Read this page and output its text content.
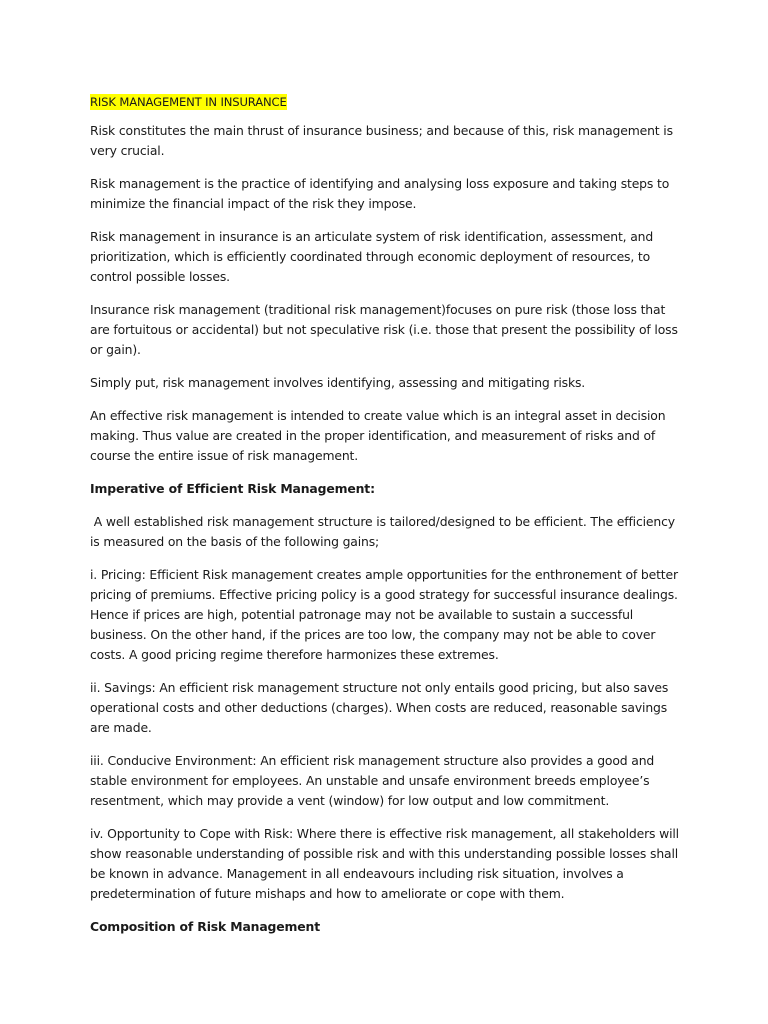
RISK MANAGEMENT IN INSURANCE

Risk constitutes the main thrust of insurance business; and because of this, risk management is very crucial.

Risk management is the practice of identifying and analysing loss exposure and taking steps to minimize the financial impact of the risk they impose.

Risk management in insurance is an articulate system of risk identification, assessment, and prioritization, which is efficiently coordinated through economic deployment of resources, to control possible losses.

Insurance risk management (traditional risk management)focuses on pure risk (those loss that are fortuitous or accidental) but not speculative risk (i.e. those that present the possibility of loss or gain).

Simply put, risk management involves identifying, assessing and mitigating risks.

An effective risk management is intended to create value which is an integral asset in decision making. Thus value are created in the proper identification, and measurement of risks and of course the entire issue of risk management.

Imperative of Efficient Risk Management:

A well established risk management structure is tailored/designed to be efficient. The efficiency is measured on the basis of the following gains;

i. Pricing: Efficient Risk management creates ample opportunities for the enthronement of better pricing of premiums. Effective pricing policy is a good strategy for successful insurance dealings. Hence if prices are high, potential patronage may not be available to sustain a successful business. On the other hand, if the prices are too low, the company may not be able to cover costs. A good pricing regime therefore harmonizes these extremes.

ii. Savings: An efficient risk management structure not only entails good pricing, but also saves operational costs and other deductions (charges). When costs are reduced, reasonable savings are made.

iii. Conducive Environment: An efficient risk management structure also provides a good and stable environment for employees. An unstable and unsafe environment breeds employee’s resentment, which may provide a vent (window) for low output and low commitment.

iv. Opportunity to Cope with Risk: Where there is effective risk management, all stakeholders will show reasonable understanding of possible risk and with this understanding possible losses shall be known in advance. Management in all endeavours including risk situation, involves a predetermination of future mishaps and how to ameliorate or cope with them.

Composition of Risk Management
